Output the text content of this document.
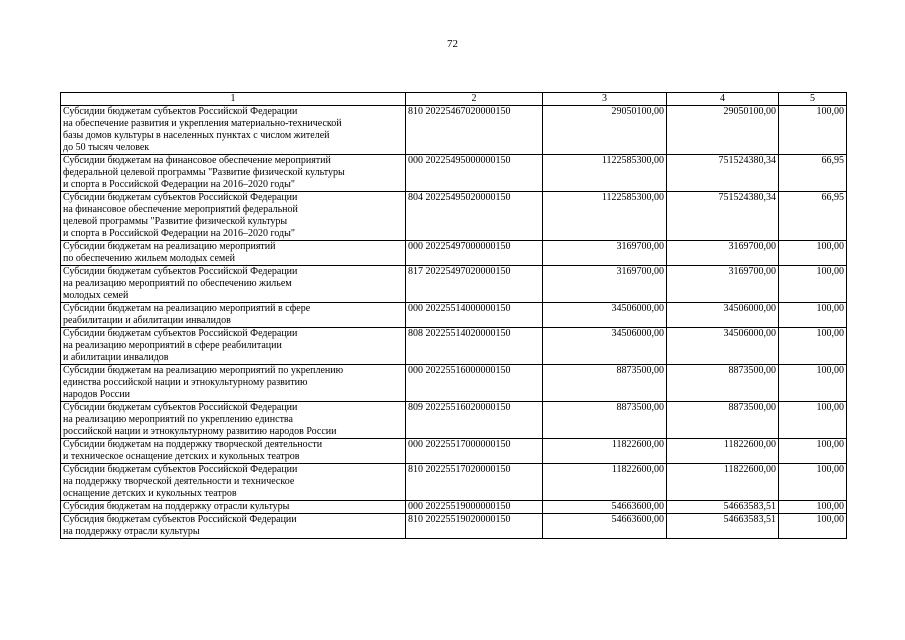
72
1	2	3	4	5
Субсидии бюджетам субъектов Российской Федерации
на обеспечение развития и укрепления материально-технической
базы домов культуры в населенных пунктах с числом жителей
до 50 тысяч человек	810 20225467020000150	29050100,00	29050100,00	100,00
Субсидии бюджетам на финансовое обеспечение мероприятий
федеральной целевой программы "Развитие физической культуры
и спорта в Российской Федерации на 2016–2020 годы"	000 20225495000000150	1122585300,00	751524380,34	66,95
Субсидии бюджетам субъектов Российской Федерации
на финансовое обеспечение мероприятий федеральной
целевой программы "Развитие физической культуры
и спорта в Российской Федерации на 2016–2020 годы"	804 20225495020000150	1122585300,00	751524380,34	66,95
Субсидии бюджетам на реализацию мероприятий
по обеспечению жильем молодых семей	000 20225497000000150	3169700,00	3169700,00	100,00
Субсидии бюджетам субъектов Российской Федерации
на реализацию мероприятий по обеспечению жильем
молодых семей	817 20225497020000150	3169700,00	3169700,00	100,00
Субсидии бюджетам на реализацию мероприятий в сфере
реабилитации и абилитации инвалидов	000 20225514000000150	34506000,00	34506000,00	100,00
Субсидии бюджетам субъектов Российской Федерации
на реализацию мероприятий в сфере реабилитации
и абилитации инвалидов	808 20225514020000150	34506000,00	34506000,00	100,00
Субсидии бюджетам на реализацию мероприятий по укреплению
единства российской нации и этнокультурному развитию
народов России	000 20225516000000150	8873500,00	8873500,00	100,00
Субсидии бюджетам субъектов Российской Федерации
на реализацию мероприятий по укреплению единства
российской нации и этнокультурному развитию народов России	809 20225516020000150	8873500,00	8873500,00	100,00
Субсидии бюджетам на поддержку творческой деятельности
и техническое оснащение детских и кукольных театров	000 20225517000000150	11822600,00	11822600,00	100,00
Субсидии бюджетам субъектов Российской Федерации
на поддержку творческой деятельности и техническое
оснащение детских и кукольных театров	810 20225517020000150	11822600,00	11822600,00	100,00
Субсидия бюджетам на поддержку отрасли культуры	000 20225519000000150	54663600,00	54663583,51	100,00
Субсидия бюджетам субъектов Российской Федерации
на поддержку отрасли культуры	810 20225519020000150	54663600,00	54663583,51	100,00
